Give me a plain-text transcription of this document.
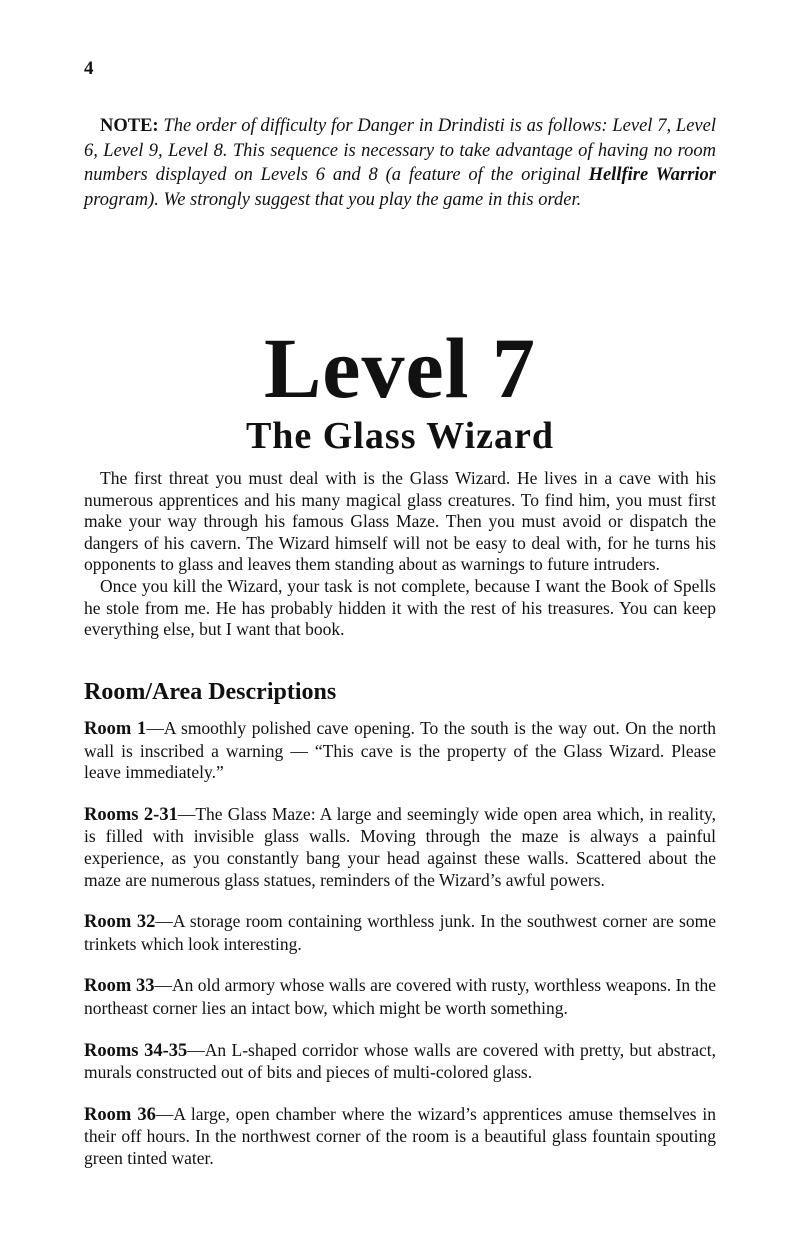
4
NOTE: The order of difficulty for Danger in Drindisti is as follows: Level 7, Level 6, Level 9, Level 8. This sequence is necessary to take advantage of having no room numbers displayed on Levels 6 and 8 (a feature of the original Hellfire Warrior program). We strongly suggest that you play the game in this order.
Level 7
The Glass Wizard

The first threat you must deal with is the Glass Wizard. He lives in a cave with his numerous apprentices and his many magical glass creatures. To find him, you must first make your way through his famous Glass Maze. Then you must avoid or dispatch the dangers of his cavern. The Wizard himself will not be easy to deal with, for he turns his opponents to glass and leaves them standing about as warnings to future intruders.

Once you kill the Wizard, your task is not complete, because I want the Book of Spells he stole from me. He has probably hidden it with the rest of his treasures. You can keep everything else, but I want that book.

Room/Area Descriptions

Room 1—A smoothly polished cave opening. To the south is the way out. On the north wall is inscribed a warning — “This cave is the property of the Glass Wizard. Please leave immediately.”

Rooms 2-31—The Glass Maze: A large and seemingly wide open area which, in reality, is filled with invisible glass walls. Moving through the maze is always a painful experience, as you constantly bang your head against these walls. Scattered about the maze are numerous glass statues, reminders of the Wizard’s awful powers.

Room 32—A storage room containing worthless junk. In the southwest corner are some trinkets which look interesting.

Room 33—An old armory whose walls are covered with rusty, worthless weapons. In the northeast corner lies an intact bow, which might be worth something.

Rooms 34-35—An L-shaped corridor whose walls are covered with pretty, but abstract, murals constructed out of bits and pieces of multi-colored glass.

Room 36—A large, open chamber where the wizard’s apprentices amuse themselves in their off hours. In the northwest corner of the room is a beautiful glass fountain spouting green tinted water.
